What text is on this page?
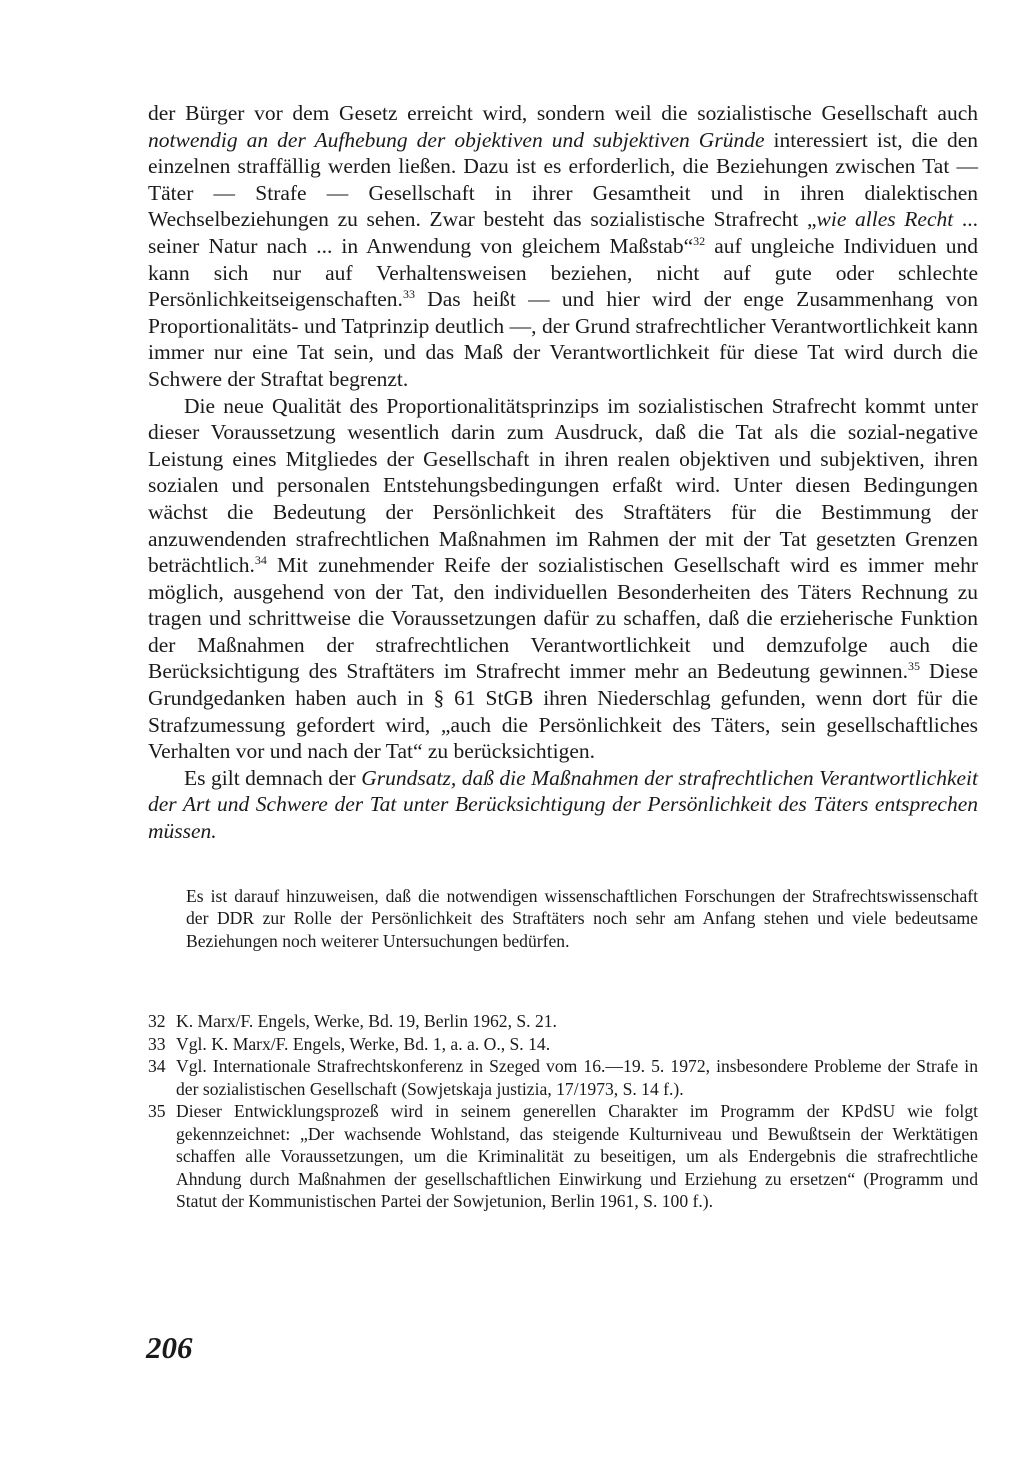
der Bürger vor dem Gesetz erreicht wird, sondern weil die sozialistische Gesellschaft auch notwendig an der Aufhebung der objektiven und subjektiven Gründe interessiert ist, die den einzelnen straffällig werden ließen. Dazu ist es erforderlich, die Beziehungen zwischen Tat — Täter — Strafe — Gesellschaft in ihrer Gesamtheit und in ihren dialektischen Wechselbeziehungen zu sehen. Zwar besteht das sozialistische Strafrecht „wie alles Recht ... seiner Natur nach ... in Anwendung von gleichem Maßstab“$^{32}$ auf ungleiche Individuen und kann sich nur auf Verhaltensweisen beziehen, nicht auf gute oder schlechte Persönlichkeitseigenschaften.$^{33}$ Das heißt — und hier wird der enge Zusammenhang von Proportionalitäts- und Tatprinzip deutlich —, der Grund strafrechtlicher Verantwortlichkeit kann immer nur eine Tat sein, und das Maß der Verantwortlichkeit für diese Tat wird durch die Schwere der Straftat begrenzt.

Die neue Qualität des Proportionalitätsprinzips im sozialistischen Strafrecht kommt unter dieser Voraussetzung wesentlich darin zum Ausdruck, daß die Tat als die sozial-negative Leistung eines Mitgliedes der Gesellschaft in ihren realen objektiven und subjektiven, ihren sozialen und personalen Entstehungsbedingungen erfaßt wird. Unter diesen Bedingungen wächst die Bedeutung der Persönlichkeit des Straftäters für die Bestimmung der anzuwendenden strafrechtlichen Maßnahmen im Rahmen der mit der Tat gesetzten Grenzen beträchtlich.$^{34}$ Mit zunehmender Reife der sozialistischen Gesellschaft wird es immer mehr möglich, ausgehend von der Tat, den individuellen Besonderheiten des Täters Rechnung zu tragen und schrittweise die Voraussetzungen dafür zu schaffen, daß die erzieherische Funktion der Maßnahmen der strafrechtlichen Verantwortlichkeit und demzufolge auch die Berücksichtigung des Straftäters im Strafrecht immer mehr an Bedeutung gewinnen.$^{35}$ Diese Grundgedanken haben auch in § 61 StGB ihren Niederschlag gefunden, wenn dort für die Strafzumessung gefordert wird, „auch die Persönlichkeit des Täters, sein gesellschaftliches Verhalten vor und nach der Tat“ zu berücksichtigen.

Es gilt demnach der Grundsatz, daß die Maßnahmen der strafrechtlichen Verantwortlichkeit der Art und Schwere der Tat unter Berücksichtigung der Persönlichkeit des Täters entsprechen müssen.

Es ist darauf hinzuweisen, daß die notwendigen wissenschaftlichen Forschungen der Strafrechtswissenschaft der DDR zur Rolle der Persönlichkeit des Straftäters noch sehr am Anfang stehen und viele bedeutsame Beziehungen noch weiterer Untersuchungen bedürfen.

32 K. Marx/F. Engels, Werke, Bd. 19, Berlin 1962, S. 21.

33 Vgl. K. Marx/F. Engels, Werke, Bd. 1, a. a. O., S. 14.

34 Vgl. Internationale Strafrechtskonferenz in Szeged vom 16.—19. 5. 1972, insbesondere Probleme der Strafe in der sozialistischen Gesellschaft (Sowjetskaja justizia, 17/1973, S. 14 f.).

35 Dieser Entwicklungsprozeß wird in seinem generellen Charakter im Programm der KPdSU wie folgt gekennzeichnet: „Der wachsende Wohlstand, das steigende Kulturniveau und Bewußtsein der Werktätigen schaffen alle Voraussetzungen, um die Kriminalität zu beseitigen, um als Endergebnis die strafrechtliche Ahndung durch Maßnahmen der gesellschaftlichen Einwirkung und Erziehung zu ersetzen“ (Programm und Statut der Kommunistischen Partei der Sowjetunion, Berlin 1961, S. 100 f.).

206
